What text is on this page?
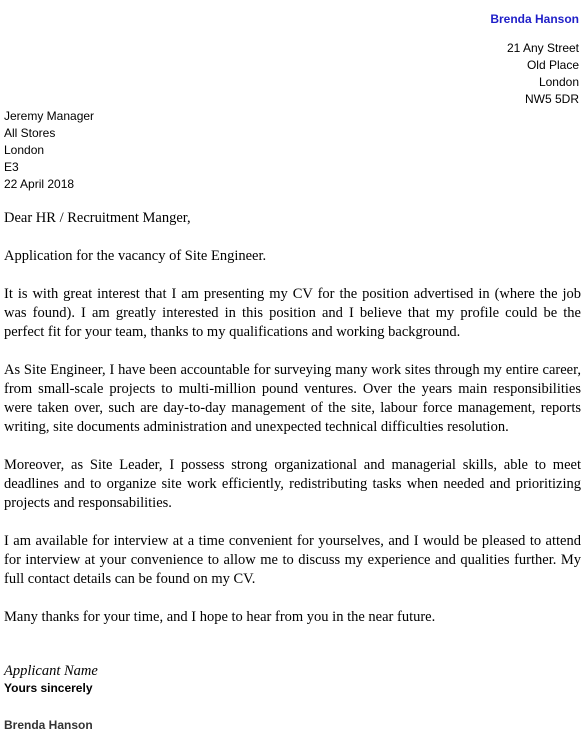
Brenda Hanson
21 Any Street
Old Place
London
NW5 5DR
Jeremy Manager
All Stores
London
E3
22 April 2018

Dear HR / Recruitment Manger,

Application for the vacancy of Site Engineer.

It is with great interest that I am presenting my CV for the position advertised in (where the job was found). I am greatly interested in this position and I believe that my profile could be the perfect fit for your team, thanks to my qualifications and working background.

As Site Engineer, I have been accountable for surveying many work sites through my entire career, from small-scale projects to multi-million pound ventures. Over the years main responsibilities were taken over, such are day-to-day management of the site, labour force management, reports writing, site documents administration and unexpected technical difficulties resolution.

Moreover, as Site Leader, I possess strong organizational and managerial skills, able to meet deadlines and to organize site work efficiently, redistributing tasks when needed and prioritizing projects and responsabilities.

I am available for interview at a time convenient for yourselves, and I would be pleased to attend for interview at your convenience to allow me to discuss my experience and qualities further. My full contact details can be found on my CV.

Many thanks for your time, and I hope to hear from you in the near future.

Applicant Name
Yours sincerely
Brenda Hanson
